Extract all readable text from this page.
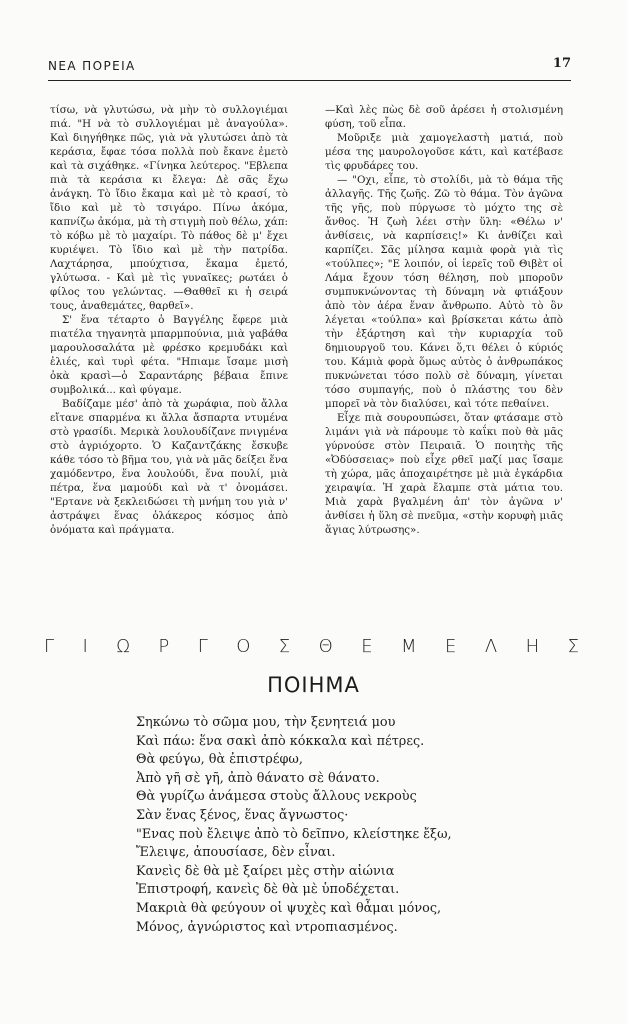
ΝΕΑ ΠΟΡΕΙΑ	17

τίσω, νὰ γλυτώσω, νὰ μὴν τὸ συλλογιέμαι πιά. "Η νὰ τὸ συλλογιέμαι μὲ ἀναγούλα». Καὶ διηγήθηκε πῶς, γιὰ νὰ γλυτώσει ἀπὸ τὰ κεράσια, ἔφαε τόσα πολλὰ ποὺ ἔκανε ἐμετὸ καὶ τὰ σιχάθηκε. «Γίνηκα λεύτερος. "Εβλεπα πιὰ τὰ κεράσια κι ἔλεγα: Δὲ σᾶς ἔχω ἀνάγκη. Τὸ ἴδιο ἔκαμα καὶ μὲ τὸ κρασί, τὸ ἴδιο καὶ μὲ τὸ τσιγάρο. Πίνω ἀκόμα, καπνίζω ἀκόμα, μὰ τὴ στιγμὴ ποὺ θέλω, χάπ: τὸ κόβω μὲ τὸ μαχαίρι. Τὸ πάθος δὲ μ' ἔχει κυριέψει. Τὸ ἴδιο καὶ μὲ τὴν πατρίδα. Λαχτάρησα, μπούχτισα, ἔκαμα ἐμετό, γλύτωσα. - Καὶ μὲ τὶς γυναῖκες; ρωτάει ὁ φίλος του γελώντας. —Θαθθεῖ κι ἡ σειρά τους, ἀναθεμάτες, θαρθεῖ».

Σ' ἕνα τέταρτο ὁ Βαγγέλης ἔφερε μιὰ πιατέλα τηγανητὰ μπαρμπούνια, μιὰ γαβάθα μαρουλοσαλάτα μὲ φρέσκο κρεμυδάκι καὶ ἐλιές, καὶ τυρὶ φέτα. "Ηπιαμε ἴσαμε μισὴ ὀκὰ κρασὶ—ὁ Σαραντάρης βέβαια ἔπινε συμβολικά... καὶ φύγαμε.

Βαδίζαμε μέσ' ἀπὸ τὰ χωράφια, ποὺ ἄλλα εἴτανε σπαρμένα κι ἄλλα ἄσπαρτα ντυμένα στὸ γρασίδι. Μερικὰ λουλουδίζανε πνιγμένα στὸ ἀγριόχορτο. Ὁ Καζαντζάκης ἔσκυβε κάθε τόσο τὸ βῆμα του, γιὰ νὰ μᾶς δείξει ἕνα χαμόδεντρο, ἕνα λουλούδι, ἕνα πουλί, μιὰ πέτρα, ἕνα μαμούδι καὶ νὰ τ' ὀνομάσει. "Ερτανε νὰ ξεκλειδώσει τὴ μνήμη του γιὰ ν' ἀστράψει ἕνας ὁλάκερος κόσμος ἀπὸ ὀνόματα καὶ πράγματα.

—Καὶ λὲς πὼς δὲ σοῦ ἀρέσει ἡ στολισμένη φύση, τοῦ εἶπα.

Μοῦριξε μιὰ χαμογελαστὴ ματιά, ποὺ μέσα της μαυρολογοῦσε κάτι, καὶ κατέβασε τὶς φρυδάρες του.

— "Οχι, εἶπε, τὸ στολίδι, μὰ τὸ θάμα τῆς ἀλλαγῆς. Τῆς ζωῆς. Ζῶ τὸ θάμα. Τὸν ἀγῶνα τῆς γῆς, ποὺ πύργωσε τὸ μόχτο της σὲ ἄνθος. Ἡ ζωὴ λέει στὴν ὕλη: «Θέλω ν' ἀνθίσεις, νὰ καρπίσεις!» Κι ἀνθίζει καὶ καρπίζει. Σᾶς μίλησα καμιὰ φορὰ γιὰ τὶς «τούλπες»; "Ε λοιπόν, οἱ ἱερεῖς τοῦ Θιβὲτ οἱ Λάμα ἔχουν τόση θέληση, ποὺ μποροῦν συμπυκνώνοντας τὴ δύναμη νὰ φτιάξουν ἀπὸ τὸν ἀέρα ἕναν ἄνθρωπο. Αὐτὸ τὸ ὂν λέγεται «τούλπα» καὶ βρίσκεται κάτω ἀπὸ τὴν ἐξάρτηση καὶ τὴν κυριαρχία τοῦ δημιουργοῦ του. Κάνει ὅ,τι θέλει ὁ κύριός του. Κάμιὰ φορὰ ὅμως αὐτὸς ὁ ἀνθρωπάκος πυκνώνεται τόσο πολὺ σὲ δύναμη, γίνεται τόσο συμπαγής, ποὺ ὁ πλάστης του δὲν μπορεῖ νὰ τὸν διαλύσει, καὶ τότε πεθαίνει.

Εἶχε πιὰ σουρουπώσει, ὅταν φτάσαμε στὸ λιμάνι γιὰ νὰ πάρουμε τὸ καΐκι ποὺ θὰ μᾶς γύρνούσε στὸν Πειραιᾶ. Ὁ ποιητὴς τῆς «Ὀδύσσειας» ποὺ εἶχε ρθεῖ μαζί μας ἴσαμε τὴ χώρα, μᾶς ἀποχαιρέτησε μὲ μιὰ ἐγκάρδια χειραψία. Ἡ χαρὰ ἔλαμπε στὰ μάτια του. Μιὰ χαρὰ βγαλμένη ἀπ' τὸν ἀγῶνα ν' ἀνθίσει ἡ ὕλη σὲ πνεῦμα, «στὴν κορυφὴ μιᾶς ἅγιας λύτρωσης».

Γ Ι Ω Ρ Γ Ο Σ Θ Ε Μ Ε Λ Η Σ
ΠΟΙΗΜΑ
Σηκώνω τὸ σῶμα μου, τὴν ξενητειά μου
Καὶ πάω: ἕνα σακὶ ἀπὸ κόκκαλα καὶ πέτρες.
Θὰ φεύγω, θὰ ἐπιστρέφω,
Ἀπὸ γῆ σὲ γῆ, ἀπὸ θάνατο σὲ θάνατο.
Θὰ γυρίζω ἀνάμεσα στοὺς ἄλλους νεκροὺς
Σὰν ἕνας ξένος, ἕνας ἄγνωστος·
"Ενας ποὺ ἔλειψε ἀπὸ τὸ δεῖπνο, κλείστηκε ἔξω,
Ἔλειψε, ἀπουσίασε, δὲν εἶναι.
Κανεὶς δὲ θὰ μὲ ξαίρει μὲς στὴν αἰώνια
Ἐπιστροφή, κανεὶς δὲ θὰ μὲ ὑποδέχεται.
Μακριὰ θὰ φεύγουν οἱ ψυχὲς καὶ θἆμαι μόνος,
Μόνος, ἀγνώριστος καὶ ντροπιασμένος.
